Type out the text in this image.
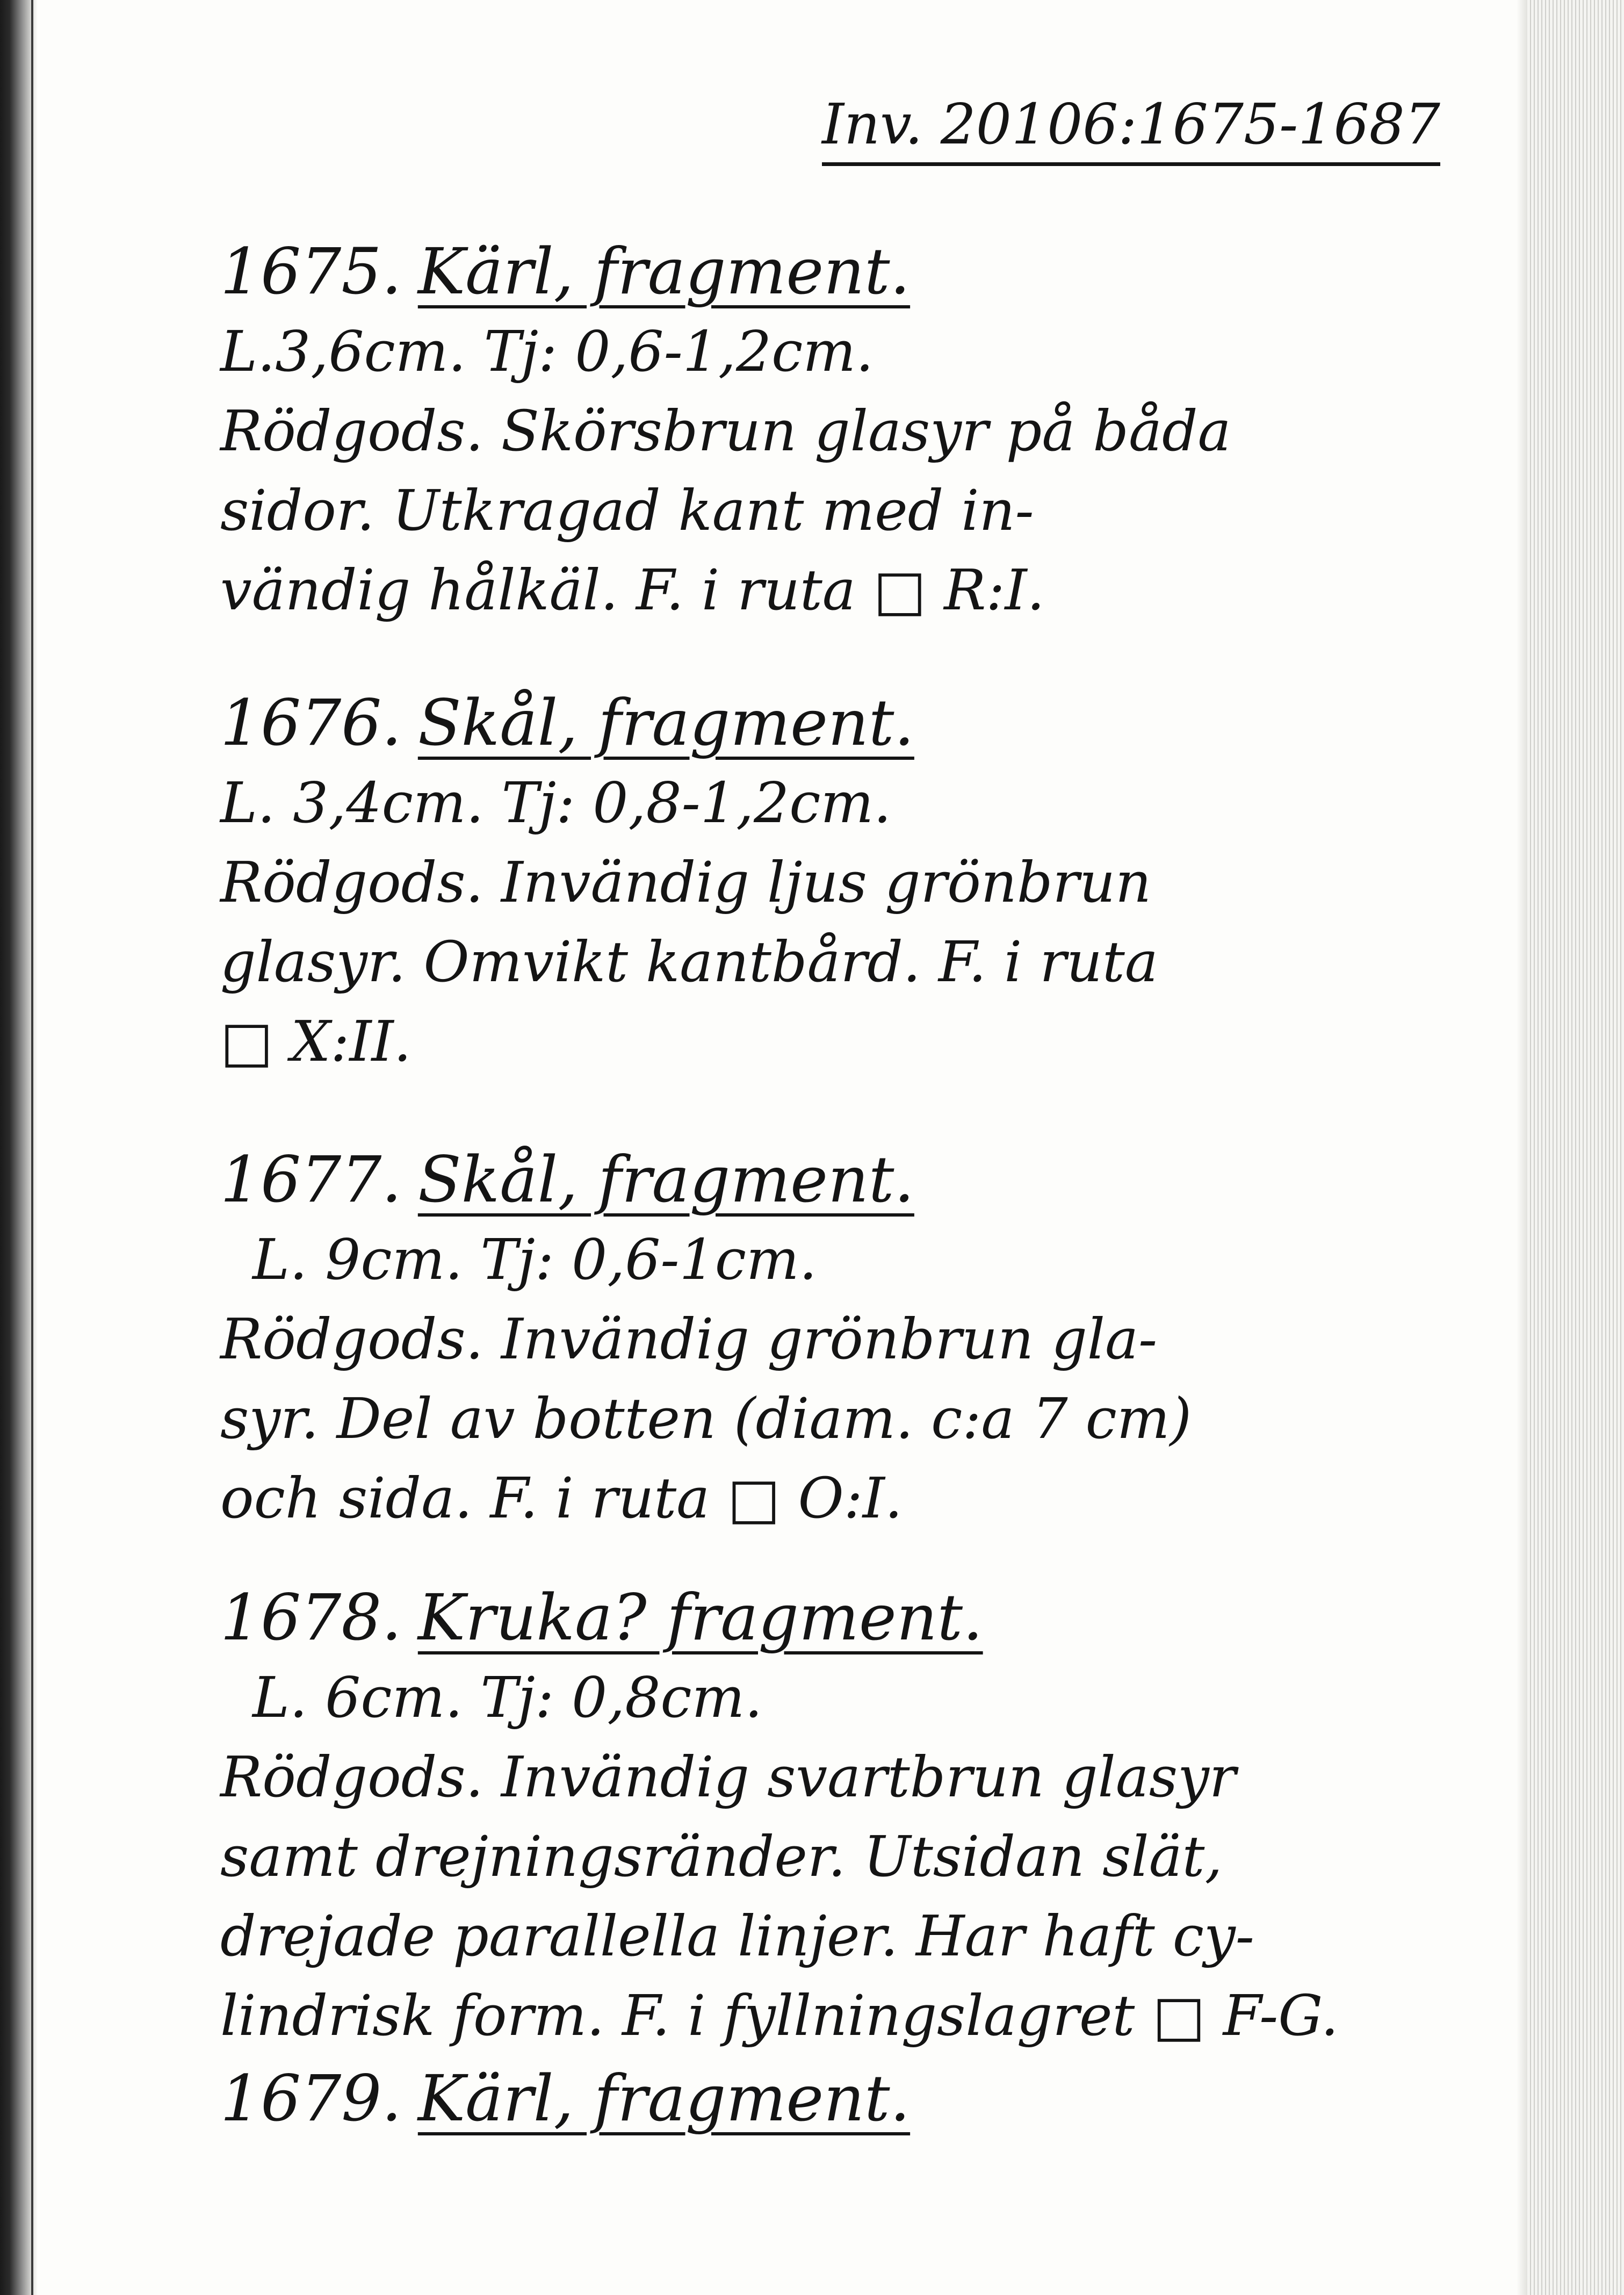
Inv. 20106:1675-1687
1675. Kärl, fragment.
L.3,6cm. Tj: 0,6-1,2cm.
Rödgods. Skörsbrun glasyr på båda
sidor. Utkragad kant med in-
vändig hålkäl. F. i ruta □ R:I.
1676. Skål, fragment.
L. 3,4cm. Tj: 0,8-1,2cm.
Rödgods. Invändig ljus grönbrun
glasyr. Omvikt kantbård. F. i ruta
□ X:II.
1677. Skål, fragment.
L. 9cm. Tj: 0,6-1cm.
Rödgods. Invändig grönbrun gla-
syr. Del av botten (diam. c:a 7 cm)
och sida. F. i ruta □ O:I.
1678. Kruka? fragment.
L. 6cm. Tj: 0,8cm.
Rödgods. Invändig svartbrun glasyr
samt drejningsränder. Utsidan slät,
drejade parallella linjer. Har haft cy-
lindrisk form. F. i fyllningslagret □ F-G.
1679. Kärl, fragment.
